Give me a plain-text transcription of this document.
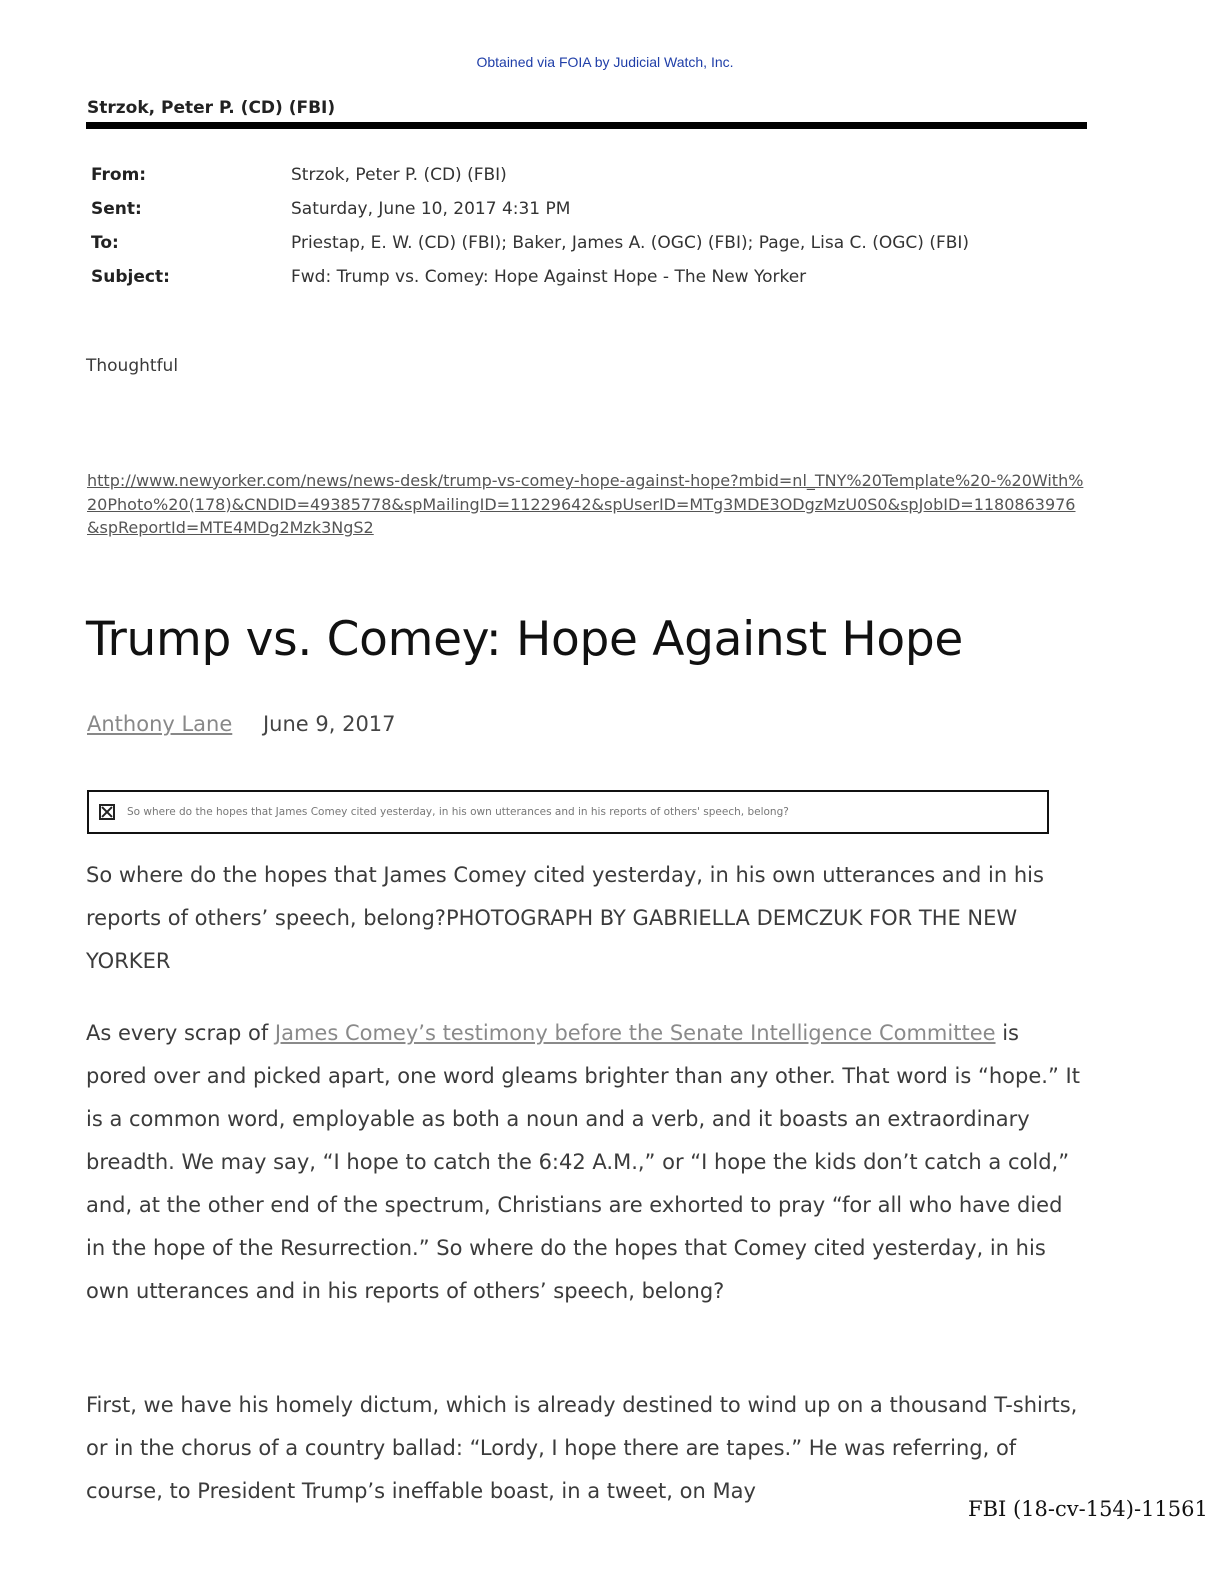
Obtained via FOIA by Judicial Watch, Inc.
Strzok, Peter P. (CD) (FBI)
From:	Strzok, Peter P. (CD) (FBI)
Sent:	Saturday, June 10, 2017 4:31 PM
To:	Priestap, E. W. (CD) (FBI); Baker, James A. (OGC) (FBI); Page, Lisa C. (OGC) (FBI)
Subject:	Fwd: Trump vs. Comey: Hope Against Hope - The New Yorker
Thoughtful
http://www.newyorker.com/news/news-desk/trump-vs-comey-hope-against-hope?mbid=nl_TNY%20Template%20-%20With%20Photo%20(178)&CNDID=49385778&spMailingID=11229642&spUserID=MTg3MDE3ODgzMzU0S0&spJobID=1180863976&spReportId=MTE4MDg2Mzk3NgS2
Trump vs. Comey: Hope Against Hope
Anthony Lane June 9, 2017
So where do the hopes that James Comey cited yesterday, in his own utterances and in his reports of others' speech, belong?
So where do the hopes that James Comey cited yesterday, in his own utterances and in his reports of others’ speech, belong?PHOTOGRAPH BY GABRIELLA DEMCZUK FOR THE NEW YORKER
As every scrap of James Comey’s testimony before the Senate Intelligence Committee is pored over and picked apart, one word gleams brighter than any other. That word is “hope.” It is a common word, employable as both a noun and a verb, and it boasts an extraordinary breadth. We may say, “I hope to catch the 6:42 A.M.,” or “I hope the kids don’t catch a cold,” and, at the other end of the spectrum, Christians are exhorted to pray “for all who have died in the hope of the Resurrection.” So where do the hopes that Comey cited yesterday, in his own utterances and in his reports of others’ speech, belong?
First, we have his homely dictum, which is already destined to wind up on a thousand T-shirts, or in the chorus of a country ballad: “Lordy, I hope there are tapes.” He was referring, of course, to President Trump’s ineffable boast, in a tweet, on May
FBI (18-cv-154)-11561
